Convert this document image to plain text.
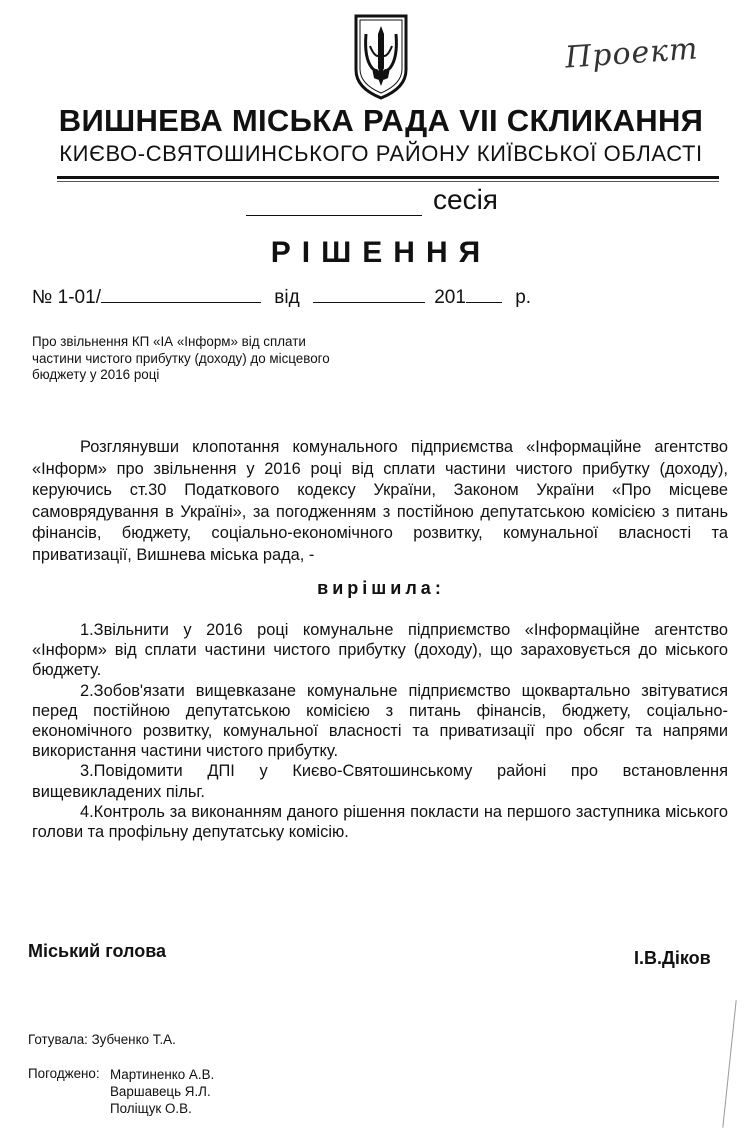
Проект
ВИШНЕВА МІСЬКА РАДА VII СКЛИКАННЯ
КИЄВО-СВЯТОШИНСЬКОГО РАЙОНУ КИЇВСЬКОЇ ОБЛАСТІ
сесія
РІШЕННЯ
№ 1-01/	від	201	р.
Про звільнення КП «ІА «Інформ» від сплати
частини чистого прибутку (доходу) до місцевого
бюджету у 2016 році
Розглянувши клопотання комунального підприємства «Інформаційне агентство «Інформ» про звільнення у 2016 році від сплати частини чистого прибутку (доходу), керуючись ст.30 Податкового кодексу України, Законом України «Про місцеве самоврядування в Україні», за погодженням з постійною депутатською комісією з питань фінансів, бюджету, соціально-економічного розвитку, комунальної власності та приватизації, Вишнева міська рада, -
вирішила:

1.Звільнити у 2016 році комунальне підприємство «Інформаційне агентство «Інформ» від сплати частини чистого прибутку (доходу), що зараховується до міського бюджету.

2.Зобов'язати вищевказане комунальне підприємство щоквартально звітуватися перед постійною депутатською комісією з питань фінансів, бюджету, соціально-економічного розвитку, комунальної власності та приватизації про обсяг та напрями використання частини чистого прибутку.

3.Повідомити ДПІ у Києво-Святошинському районі про встановлення вищевикладених пільг.

4.Контроль за виконанням даного рішення покласти на першого заступника міського голови та профільну депутатську комісію.

Міський голова	І.В.Діков
Готувала: Зубченко Т.А.
Погоджено: Мартиненко А.В.
Варшавець Я.Л.
Поліщук О.В.
